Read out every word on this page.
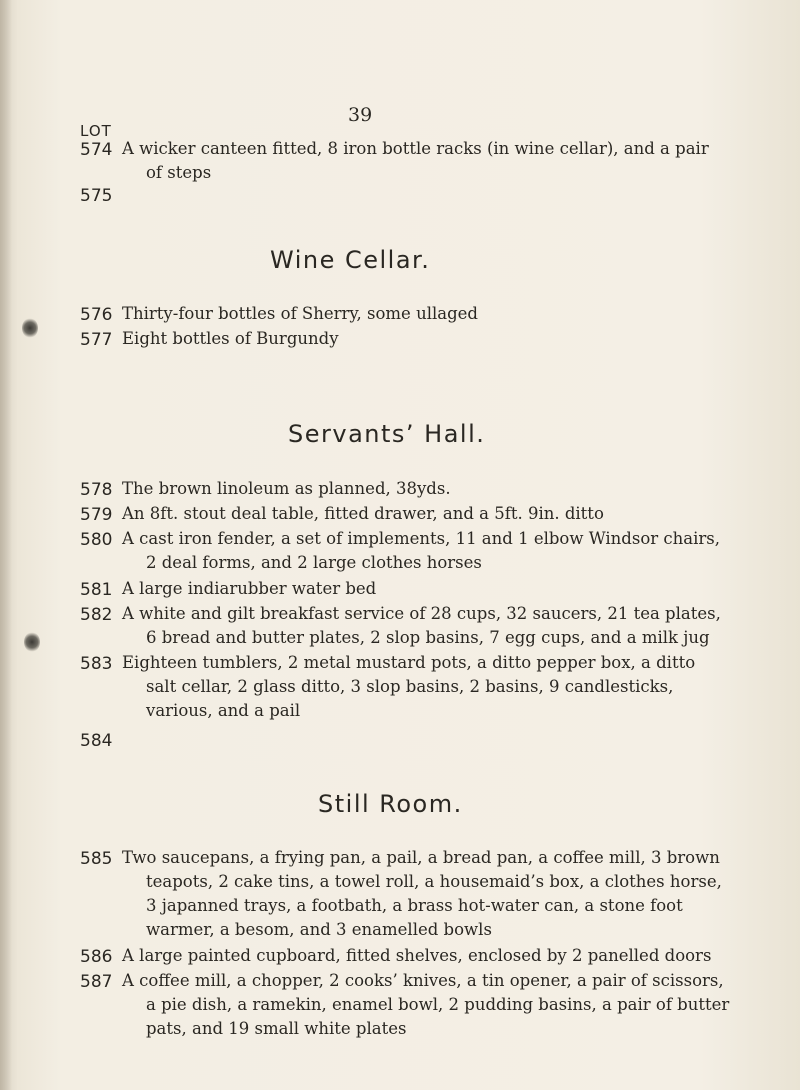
39
LOT
574 A wicker canteen fitted, 8 iron bottle racks (in wine cellar), and a pair
of steps
575
Wine Cellar.
576 Thirty-four bottles of Sherry, some ullaged
577 Eight bottles of Burgundy
Servants’ Hall.
578 The brown linoleum as planned, 38yds.
579 An 8ft. stout deal table, fitted drawer, and a 5ft. 9in. ditto
580 A cast iron fender, a set of implements, 11 and 1 elbow Windsor chairs,
2 deal forms, and 2 large clothes horses
581 A large indiarubber water bed
582 A white and gilt breakfast service of 28 cups, 32 saucers, 21 tea plates,
6 bread and butter plates, 2 slop basins, 7 egg cups, and a milk jug
583 Eighteen tumblers, 2 metal mustard pots, a ditto pepper box, a ditto
salt cellar, 2 glass ditto, 3 slop basins, 2 basins, 9 candlesticks,
various, and a pail
584
Still Room.
585 Two saucepans, a frying pan, a pail, a bread pan, a coffee mill, 3 brown
teapots, 2 cake tins, a towel roll, a housemaid’s box, a clothes horse,
3 japanned trays, a footbath, a brass hot-water can, a stone foot
warmer, a besom, and 3 enamelled bowls
586 A large painted cupboard, fitted shelves, enclosed by 2 panelled doors
587 A coffee mill, a chopper, 2 cooks’ knives, a tin opener, a pair of scissors,
a pie dish, a ramekin, enamel bowl, 2 pudding basins, a pair of butter
pats, and 19 small white plates
